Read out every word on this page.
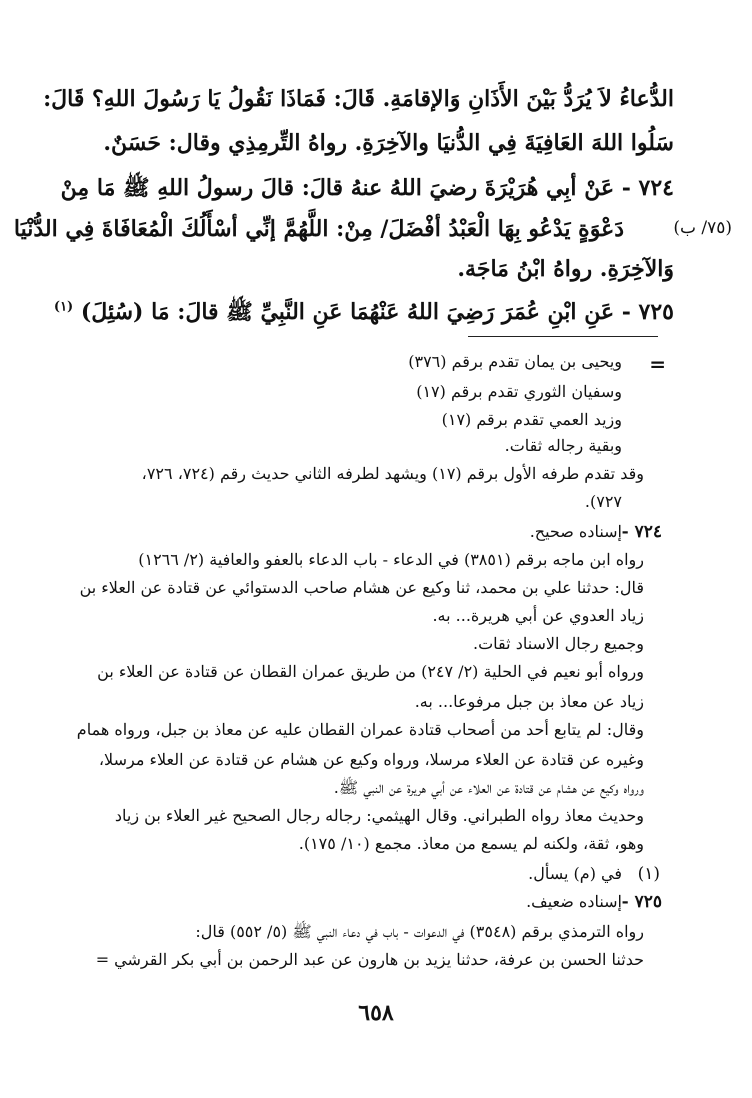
الدُّعاءُ لاَ يُرَدُّ بَيْنَ الأَذَانِ وَالإقامَةِ. قَالَ: فَمَاذَا نَقُولُ يَا رَسُولَ اللهِ؟ قَالَ:
سَلُوا اللهَ العَافِيَةَ فِي الدُّنيَا والآخِرَةِ. رواهُ التِّرمِذِي وقال: حَسَنٌ.
٧٢٤ - عَنْ أبِي هُرَيْرَةَ رضيَ اللهُ عنهُ قالَ: قالَ رسولُ اللهِ ﷺ مَا مِنْ
دَعْوَةٍ يَدْعُو بِهَا الْعَبْدُ أفْضَلَ/ مِنْ: اللَّهُمَّ إنِّي أسْأَلُكَ الْمُعَافَاةَ فِي الدُّنْيَا	(٧٥/ ب)
وَالآخِرَةِ. رواهُ ابْنُ مَاجَة.
٧٢٥ - عَنِ ابْنِ عُمَرَ رَضِيَ اللهُ عَنْهُمَا عَنِ النَّبِيِّ ﷺ قالَ: مَا (سُئِلَ) $^{(١)}$
=
ويحيى بن يمان تقدم برقم (٣٧٦)
وسفيان الثوري تقدم برقم (١٧)
وزيد العمي تقدم برقم (١٧)
وبقية رجاله ثقات.
وقد تقدم طرفه الأول برقم (١٧) ويشهد لطرفه الثاني حديث رقم (٧٢٤، ٧٢٦،
٧٢٧).
٧٢٤ -
إسناده صحيح.
رواه ابن ماجه برقم (٣٨٥١) في الدعاء - باب الدعاء بالعفو والعافية (٢/ ١٢٦٦)
قال: حدثنا علي بن محمد، ثنا وكيع عن هشام صاحب الدستوائي عن قتادة عن العلاء بن
زياد العدوي عن أبي هريرة... به.
وجميع رجال الاسناد ثقات.
ورواه أبو نعيم في الحلية (٢/ ٢٤٧) من طريق عمران القطان عن قتادة عن العلاء بن
زياد عن معاذ بن جبل مرفوعا... به.
وقال: لم يتابع أحد من أصحاب قتادة عمران القطان عليه عن معاذ بن جبل، ورواه همام
وغيره عن قتادة عن العلاء مرسلا، ورواه وكيع عن هشام عن قتادة عن العلاء مرسلا،
ورواه وكيع عن هشام عن قتادة عن العلاء عن أبي هريرة عن النبي ﷺ.
وحديث معاذ رواه الطبراني. وقال الهيثمي: رجاله رجال الصحيح غير العلاء بن زياد
وهو، ثقة، ولكنه لم يسمع من معاذ. مجمع (١٠/ ١٧٥).
(١)
في (م) يسأل.
٧٢٥ -
إسناده ضعيف.
رواه الترمذي برقم (٣٥٤٨) في الدعوات - باب في دعاء النبي ﷺ (٥/ ٥٥٢) قال:
حدثنا الحسن بن عرفة، حدثنا يزيد بن هارون عن عبد الرحمن بن أبي بكر القرشي =
٦٥٨
